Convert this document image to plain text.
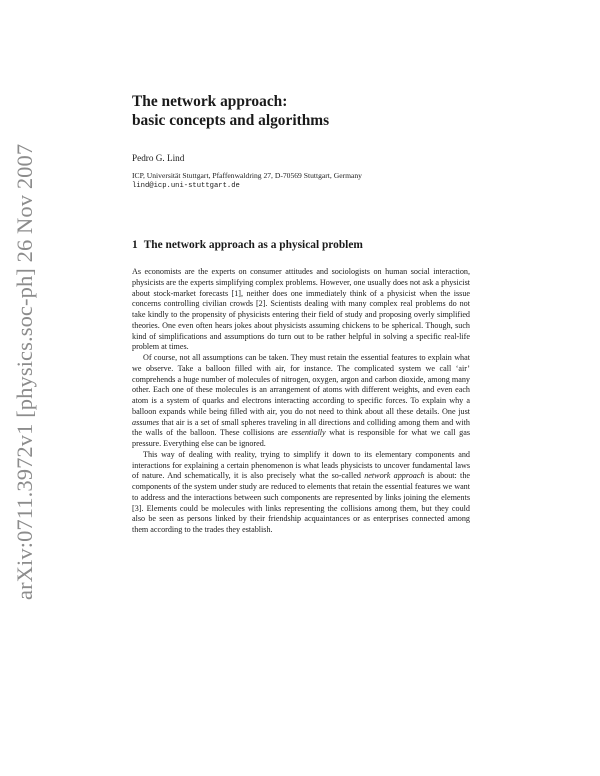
arXiv:0711.3972v1 [physics.soc-ph] 26 Nov 2007
The network approach:
basic concepts and algorithms
Pedro G. Lind
ICP, Universität Stuttgart, Pfaffenwaldring 27, D-70569 Stuttgart, Germany
lind@icp.uni-stuttgart.de
1 The network approach as a physical problem

As economists are the experts on consumer attitudes and sociologists on human social interaction, physicists are the experts simplifying complex problems. However, one usually does not ask a physicist about stock-market forecasts [1], neither does one immediately think of a physicist when the issue concerns controlling civilian crowds [2]. Scientists dealing with many complex real problems do not take kindly to the propensity of physicists entering their field of study and proposing overly simplified theories. One even often hears jokes about physicists assuming chickens to be spherical. Though, such kind of simplifications and assumptions do turn out to be rather helpful in solving a specific real-life problem at times.

Of course, not all assumptions can be taken. They must retain the essential features to explain what we observe. Take a balloon filled with air, for instance. The complicated system we call ‘air’ comprehends a huge number of molecules of nitrogen, oxygen, argon and carbon dioxide, among many other. Each one of these molecules is an arrangement of atoms with different weights, and even each atom is a system of quarks and electrons interacting according to specific forces. To explain why a balloon expands while being filled with air, you do not need to think about all these details. One just assumes that air is a set of small spheres traveling in all directions and colliding among them and with the walls of the balloon. These collisions are essentially what is responsible for what we call gas pressure. Everything else can be ignored.

This way of dealing with reality, trying to simplify it down to its elementary components and interactions for explaining a certain phenomenon is what leads physicists to uncover fundamental laws of nature. And schematically, it is also precisely what the so-called network approach is about: the components of the system under study are reduced to elements that retain the essential features we want to address and the interactions between such components are represented by links joining the elements [3]. Elements could be molecules with links representing the collisions among them, but they could also be seen as persons linked by their friendship acquaintances or as enterprises connected among them according to the trades they establish.
